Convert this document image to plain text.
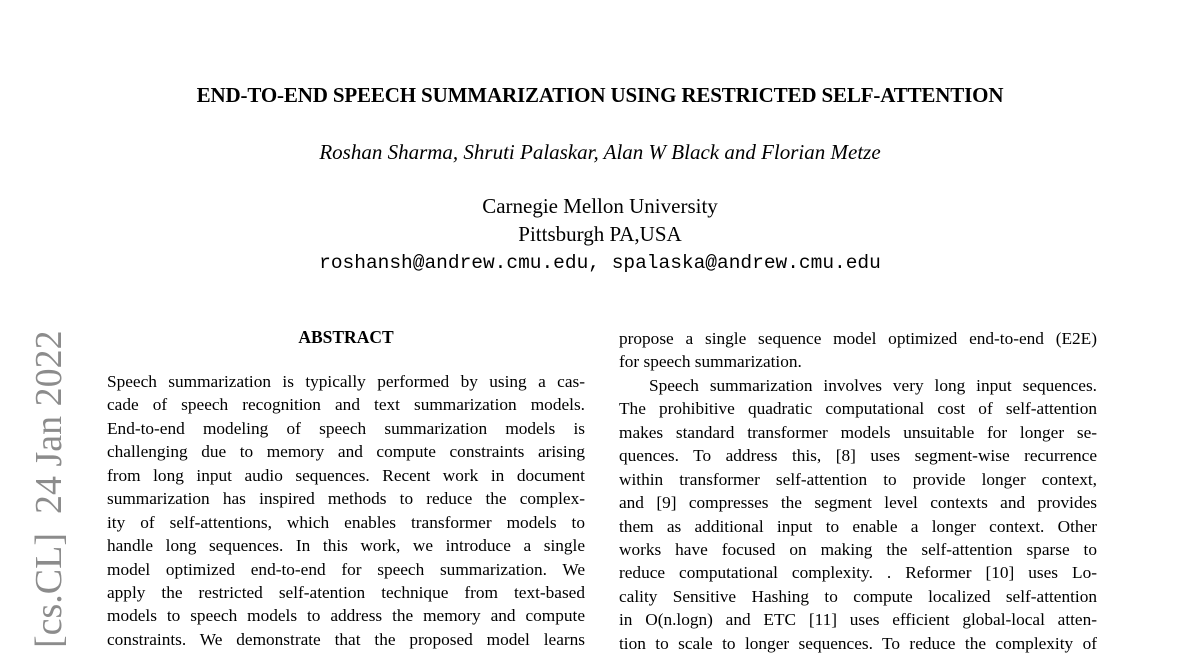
END-TO-END SPEECH SUMMARIZATION USING RESTRICTED SELF-ATTENTION
Roshan Sharma, Shruti Palaskar, Alan W Black and Florian Metze
Carnegie Mellon University
Pittsburgh PA,USA
roshansh@andrew.cmu.edu, spalaska@andrew.cmu.edu
[cs.CL]  24 Jan 2022	ABSTRACT
Speech summarization is typically performed by using a cas-
cade of speech recognition and text summarization models.
End-to-end modeling of speech summarization models is
challenging due to memory and compute constraints arising
from long input audio sequences. Recent work in document
summarization has inspired methods to reduce the complex-
ity of self-attentions, which enables transformer models to
handle long sequences. In this work, we introduce a single
model optimized end-to-end for speech summarization. We
apply the restricted self-atention technique from text-based
models to speech models to address the memory and compute
constraints. We demonstrate that the proposed model learns
propose a single sequence model optimized end-to-end (E2E)
for speech summarization.
Speech summarization involves very long input sequences.
The prohibitive quadratic computational cost of self-attention
makes standard transformer models unsuitable for longer se-
quences. To address this, [8] uses segment-wise recurrence
within transformer self-attention to provide longer context,
and [9] compresses the segment level contexts and provides
them as additional input to enable a longer context. Other
works have focused on making the self-attention sparse to
reduce computational complexity. . Reformer [10] uses Lo-
cality Sensitive Hashing to compute localized self-attention
in O(n.logn) and ETC [11] uses efficient global-local atten-
tion to scale to longer sequences. To reduce the complexity of
